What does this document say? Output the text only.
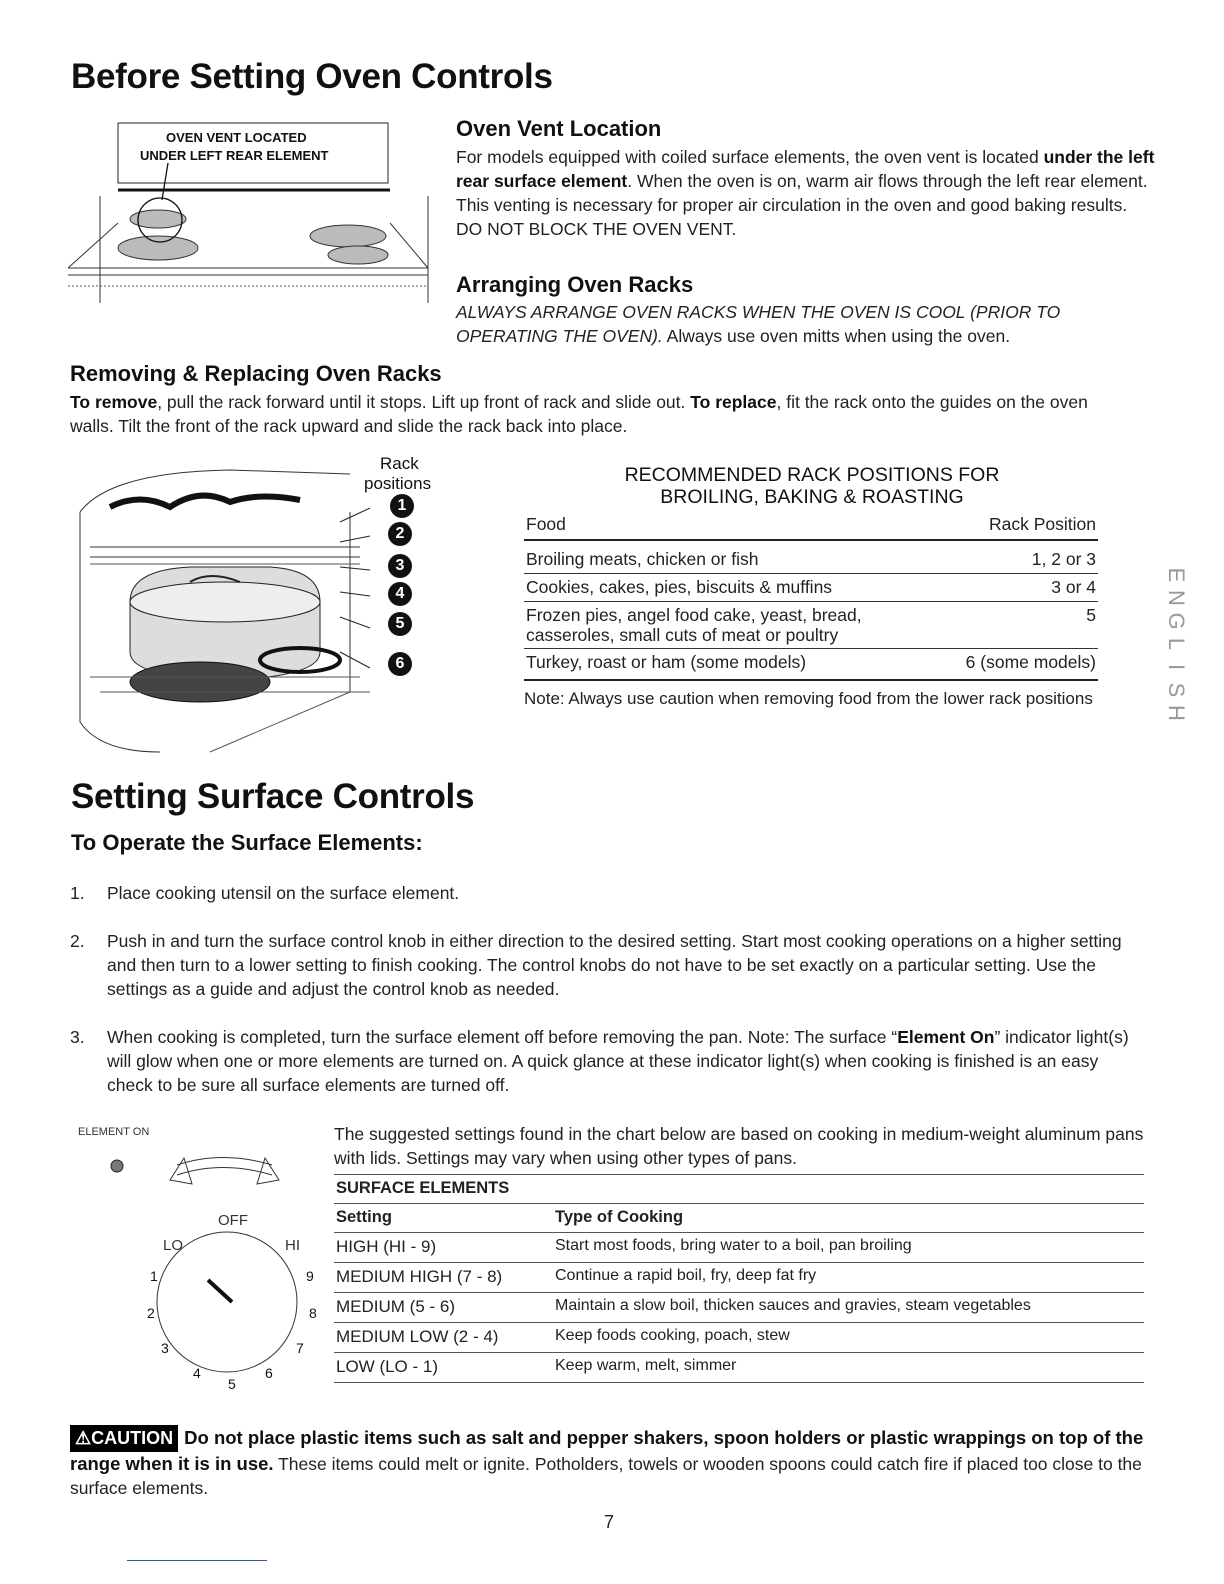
Before Setting Oven Controls
OVEN VENT LOCATED
UNDER LEFT REAR ELEMENT
Oven Vent Location

For models equipped with coiled surface elements, the oven vent is located under the left rear surface element. When the oven is on, warm air flows through the left rear element. This venting is necessary for proper air circulation in the oven and good baking results. DO NOT BLOCK THE OVEN VENT.

Arranging Oven Racks

ALWAYS ARRANGE OVEN RACKS WHEN THE OVEN IS COOL (PRIOR TO OPERATING THE OVEN). Always use oven mitts when using the oven.

Removing & Replacing Oven Racks

To remove, pull the rack forward until it stops. Lift up front of rack and slide out. To replace, fit the rack onto the guides on the oven walls. Tilt the front of the rack upward and slide the rack back into place.

Rack
positions
1
2
3
4
5
6
RECOMMENDED RACK POSITIONS FOR
BROILING, BAKING & ROASTING
Food	Rack Position
Broiling meats, chicken or fish	1, 2 or 3
Cookies, cakes, pies, biscuits & muffins	3 or 4
Frozen pies, angel food cake, yeast, bread, casseroles, small cuts of meat or poultry	5
Turkey, roast or ham (some models)	6 (some models)

Note: Always use caution when removing food from the lower rack positions

Setting Surface Controls
To Operate the Surface Elements:
1. Place cooking utensil on the surface element.
2. Push in and turn the surface control knob in either direction to the desired setting. Start most cooking operations on a higher setting and then turn to a lower setting to finish cooking. The control knobs do not have to be set exactly on a particular setting. Use the settings as a guide and adjust the control knob as needed.
3. When cooking is completed, turn the surface element off before removing the pan. Note: The surface “Element On” indicator light(s) will glow when one or more elements are turned on. A quick glance at these indicator light(s) when cooking is finished is an easy check to be sure all surface elements are turned off.
ELEMENT ON
OFF
LO	HI
1
2
3
4
5
6
7
8
9

The suggested settings found in the chart below are based on cooking in medium-weight aluminum pans with lids. Settings may vary when using other types of pans.

SURFACE ELEMENTS	
Setting	Type of Cooking
HIGH (HI - 9)	Start most foods, bring water to a boil, pan broiling
MEDIUM HIGH (7 - 8)	Continue a rapid boil, fry, deep fat fry
MEDIUM (5 - 6)	Maintain a slow boil, thicken sauces and gravies, steam vegetables
MEDIUM LOW (2 - 4)	Keep foods cooking, poach, stew
LOW (LO - 1)	Keep warm, melt, simmer
⚠CAUTION Do not place plastic items such as salt and pepper shakers, spoon holders or plastic wrappings on top of the range when it is in use. These items could melt or ignite. Potholders, towels or wooden spoons could catch fire if placed too close to the surface elements.
E
N
G
L
I
S
H
7
